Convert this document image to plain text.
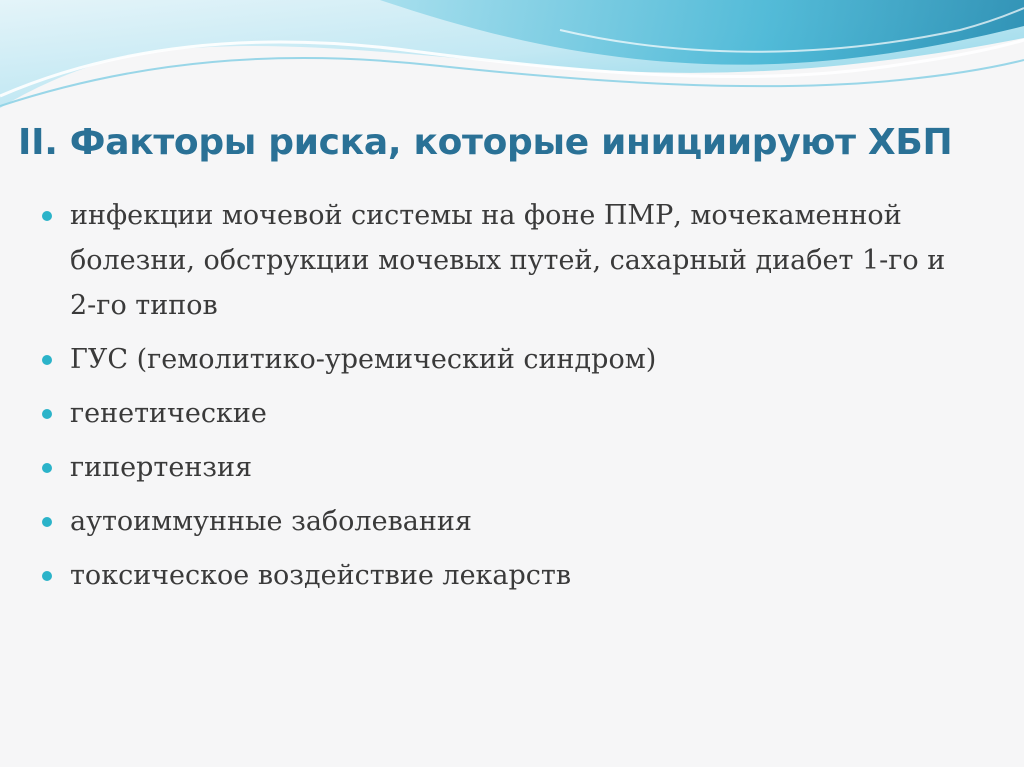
II. Факторы риска, которые инициируют ХБП
инфекции мочевой системы на фоне ПМР, мочекаменной болезни, обструкции мочевых путей, сахарный диабет 1-го и 2-го типов
ГУС (гемолитико-уремический синдром)
генетические
гипертензия
аутоиммунные заболевания
токсическое воздействие лекарств
